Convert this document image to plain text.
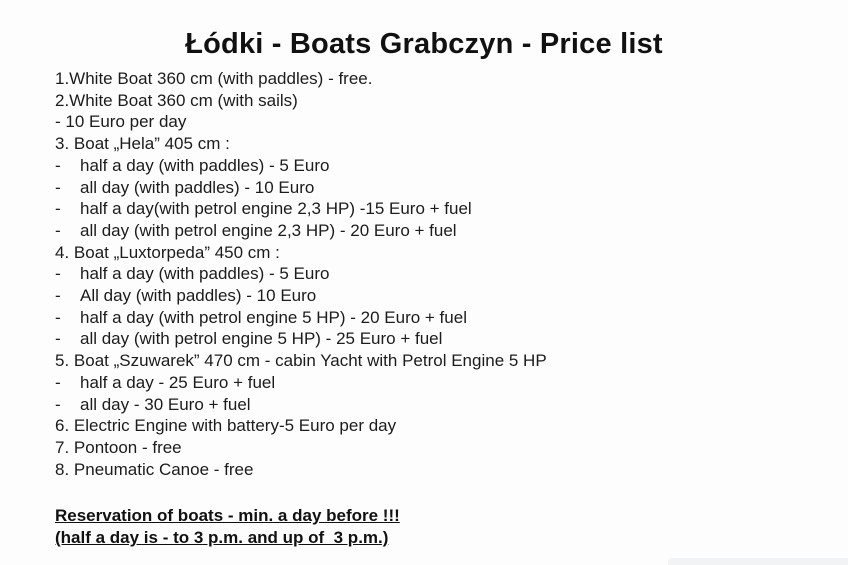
Łódki - Boats Grabczyn - Price list
1.White Boat 360 cm (with paddles) - free.
2.White Boat 360 cm (with sails)
- 10 Euro per day
3. Boat „Hela” 405 cm :
-	half a day (with paddles) - 5 Euro
-	all day (with paddles) - 10 Euro
-	half a day(with petrol engine 2,3 HP) -15 Euro + fuel
-	all day (with petrol engine 2,3 HP) - 20 Euro + fuel
4. Boat „Luxtorpeda” 450 cm :
-	half a day (with paddles) - 5 Euro
-	All day (with paddles) - 10 Euro
-	half a day (with petrol engine 5 HP) - 20 Euro + fuel
-	all day (with petrol engine 5 HP) - 25 Euro + fuel
5. Boat „Szuwarek” 470 cm - cabin Yacht with Petrol Engine 5 HP
-	half a day - 25 Euro + fuel
-	all day - 30 Euro + fuel
6. Electric Engine with battery-5 Euro per day
7. Pontoon - free
8. Pneumatic Canoe - free
Reservation of boats - min. a day before !!!
(half a day is - to 3 p.m. and up of  3 p.m.)
